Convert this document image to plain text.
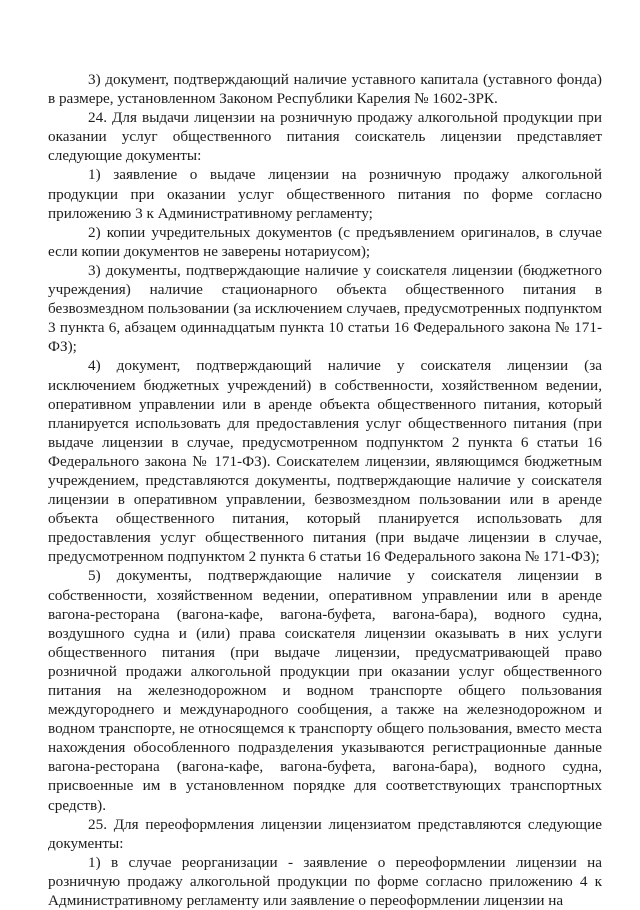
3) документ, подтверждающий наличие уставного капитала (уставного фонда) в размере, установленном Законом Республики Карелия № 1602-ЗРК.

24. Для выдачи лицензии на розничную продажу алкогольной продукции при оказании услуг общественного питания соискатель лицензии представляет следующие документы:

1) заявление о выдаче лицензии на розничную продажу алкогольной продукции при оказании услуг общественного питания по форме согласно приложению 3 к Административному регламенту;

2) копии учредительных документов (с предъявлением оригиналов, в случае если копии документов не заверены нотариусом);

3) документы, подтверждающие наличие у соискателя лицензии (бюджетного учреждения) наличие стационарного объекта общественного питания в безвозмездном пользовании (за исключением случаев, предусмотренных подпунктом 3 пункта 6, абзацем одиннадцатым пункта 10 статьи 16 Федерального закона № 171-ФЗ);

4) документ, подтверждающий наличие у соискателя лицензии (за исключением бюджетных учреждений) в собственности, хозяйственном ведении, оперативном управлении или в аренде объекта общественного питания, который планируется использовать для предоставления услуг общественного питания (при выдаче лицензии в случае, предусмотренном подпунктом 2 пункта 6 статьи 16 Федерального закона № 171-ФЗ). Соискателем лицензии, являющимся бюджетным учреждением, представляются документы, подтверждающие наличие у соискателя лицензии в оперативном управлении, безвозмездном пользовании или в аренде объекта общественного питания, который планируется использовать для предоставления услуг общественного питания (при выдаче лицензии в случае, предусмотренном подпунктом 2 пункта 6 статьи 16 Федерального закона № 171-ФЗ);

5) документы, подтверждающие наличие у соискателя лицензии в собственности, хозяйственном ведении, оперативном управлении или в аренде вагона-ресторана (вагона-кафе, вагона-буфета, вагона-бара), водного судна, воздушного судна и (или) права соискателя лицензии оказывать в них услуги общественного питания (при выдаче лицензии, предусматривающей право розничной продажи алкогольной продукции при оказании услуг общественного питания на железнодорожном и водном транспорте общего пользования междугороднего и международного сообщения, а также на железнодорожном и водном транспорте, не относящемся к транспорту общего пользования, вместо места нахождения обособленного подразделения указываются регистрационные данные вагона-ресторана (вагона-кафе, вагона-буфета, вагона-бара), водного судна, присвоенные им в установленном порядке для соответствующих транспортных средств).

25. Для переоформления лицензии лицензиатом представляются следующие документы:

1) в случае реорганизации - заявление о переоформлении лицензии на розничную продажу алкогольной продукции по форме согласно приложению 4 к Административному регламенту или заявление о переоформлении лицензии на
